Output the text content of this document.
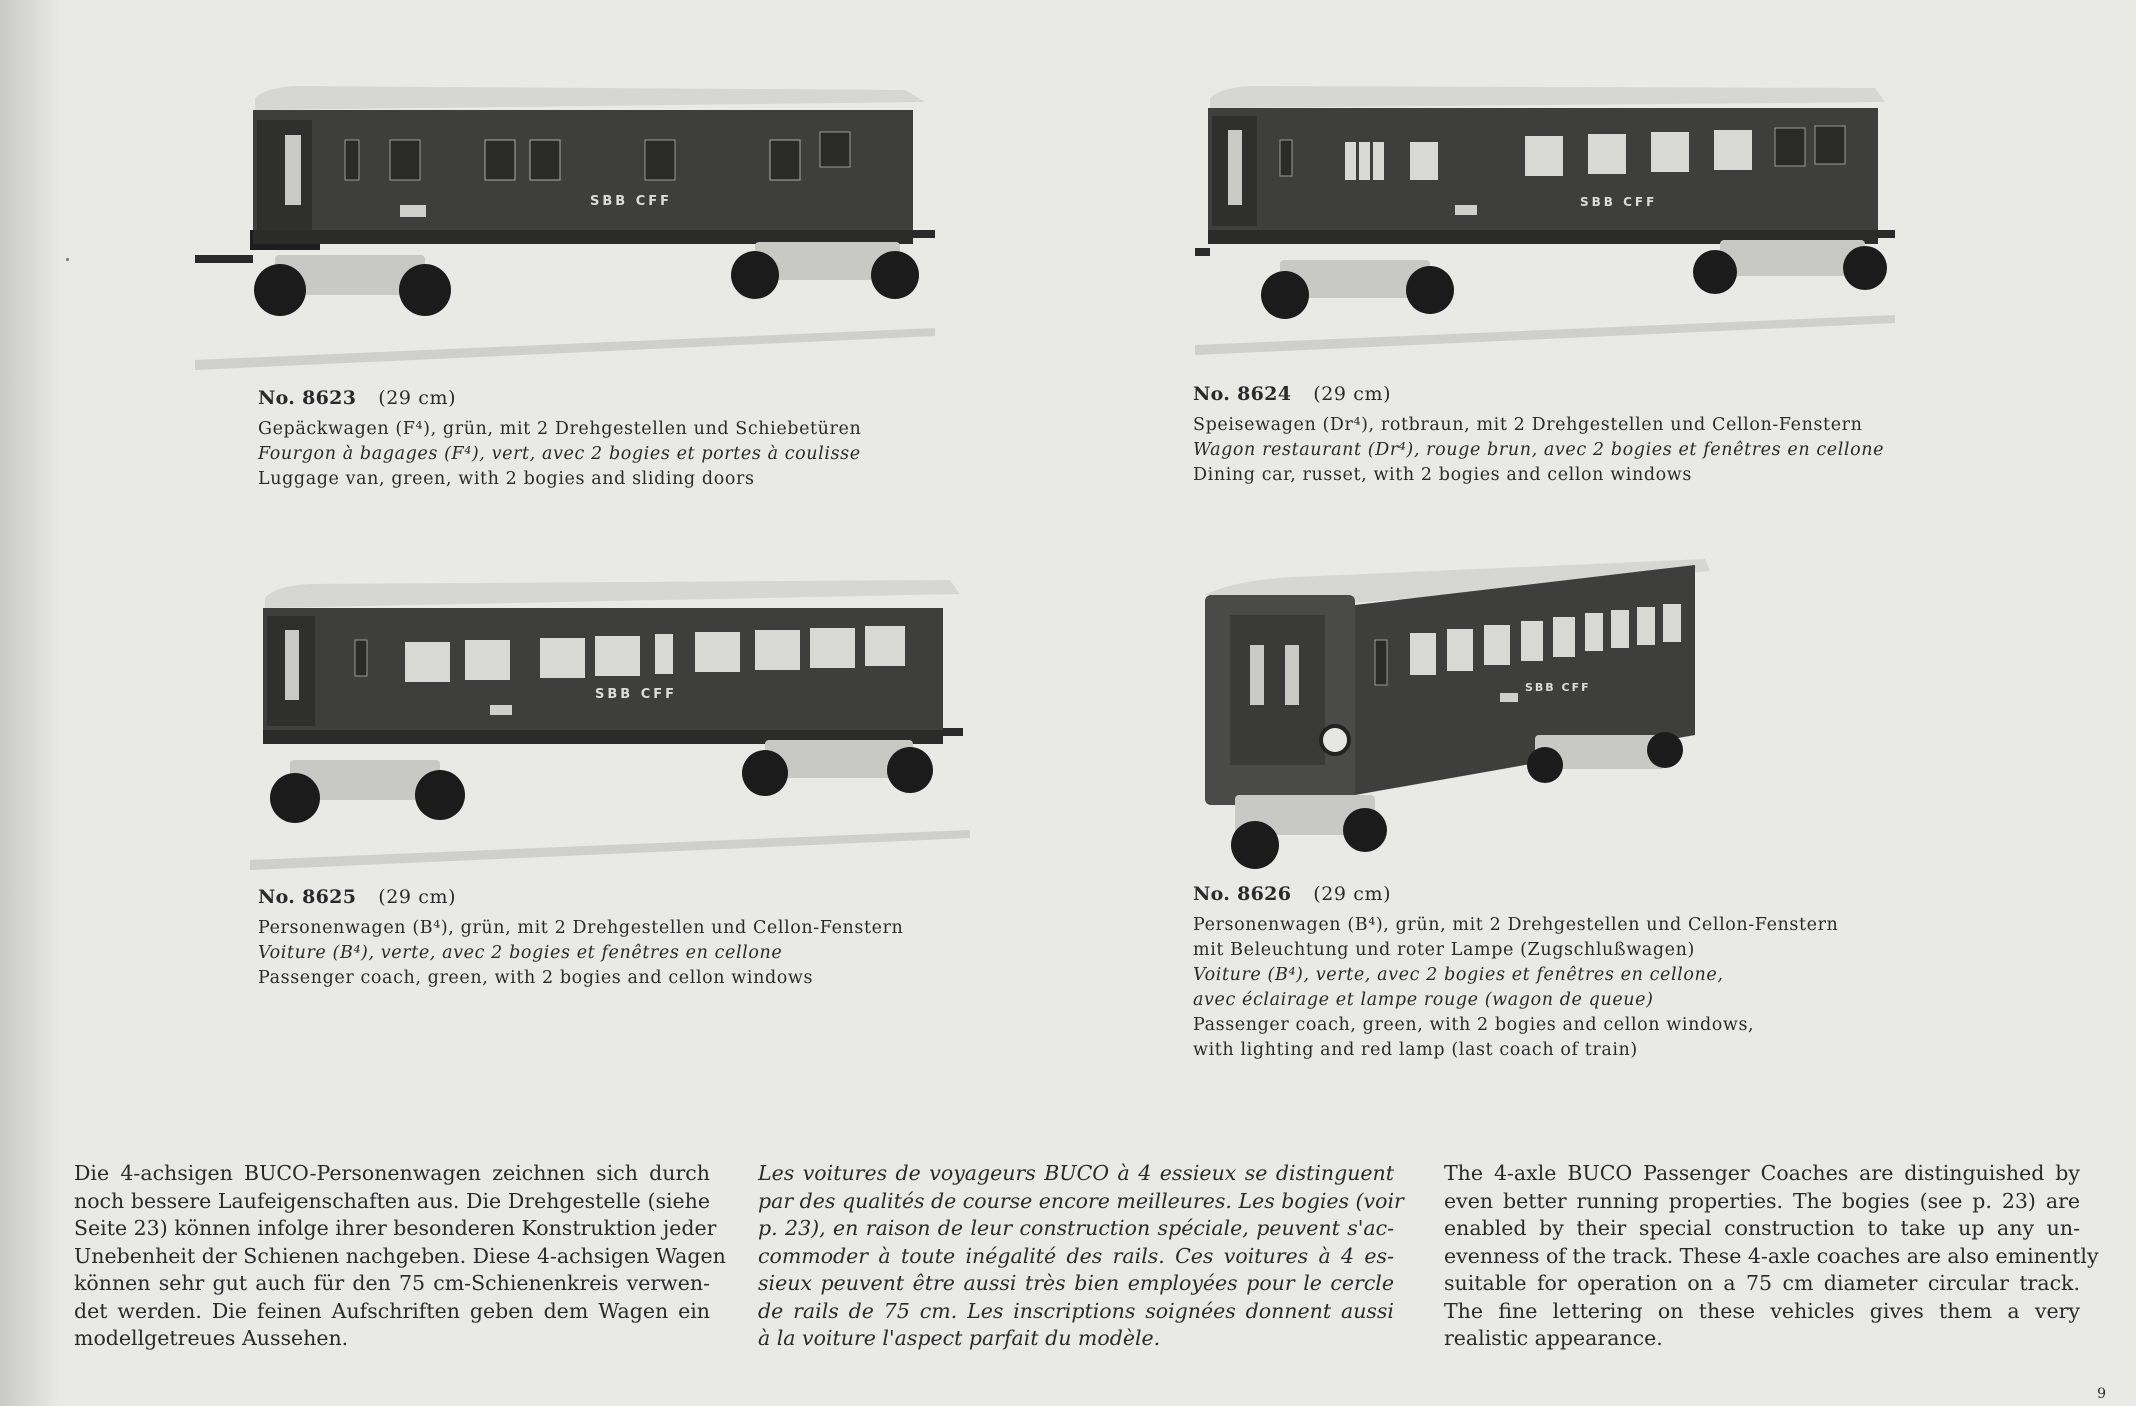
SBB CFF
No. 8623 (29 cm)
Gepäckwagen (F⁴), grün, mit 2 Drehgestellen und Schiebetüren
Fourgon à bagages (F⁴), vert, avec 2 bogies et portes à coulisse
Luggage van, green, with 2 bogies and sliding doors
SBB CFF
No. 8624 (29 cm)
Speisewagen (Dr⁴), rotbraun, mit 2 Drehgestellen und Cellon-Fenstern
Wagon restaurant (Dr⁴), rouge brun, avec 2 bogies et fenêtres en cellone
Dining car, russet, with 2 bogies and cellon windows
SBB CFF
No. 8625 (29 cm)
Personenwagen (B⁴), grün, mit 2 Drehgestellen und Cellon-Fenstern
Voiture (B⁴), verte, avec 2 bogies et fenêtres en cellone
Passenger coach, green, with 2 bogies and cellon windows
SBB CFF
No. 8626 (29 cm)
Personenwagen (B⁴), grün, mit 2 Drehgestellen und Cellon-Fenstern
mit Beleuchtung und roter Lampe (Zugschlußwagen)
Voiture (B⁴), verte, avec 2 bogies et fenêtres en cellone,
avec éclairage et lampe rouge (wagon de queue)
Passenger coach, green, with 2 bogies and cellon windows,
with lighting and red lamp (last coach of train)
Die 4-achsigen BUCO-Personenwagen zeichnen sich durch
noch bessere Laufeigenschaften aus. Die Drehgestelle (siehe
Seite 23) können infolge ihrer besonderen Konstruktion jeder
Unebenheit der Schienen nachgeben. Diese 4-achsigen Wagen
können sehr gut auch für den 75 cm-Schienenkreis verwen-
det werden. Die feinen Aufschriften geben dem Wagen ein
modellgetreues Aussehen.
Les voitures de voyageurs BUCO à 4 essieux se distinguent
par des qualités de course encore meilleures. Les bogies (voir
p. 23), en raison de leur construction spéciale, peuvent s'ac-
commoder à toute inégalité des rails. Ces voitures à 4 es-
sieux peuvent être aussi très bien employées pour le cercle
de rails de 75 cm. Les inscriptions soignées donnent aussi
à la voiture l'aspect parfait du modèle.
The 4-axle BUCO Passenger Coaches are distinguished by
even better running properties. The bogies (see p. 23) are
enabled by their special construction to take up any un-
evenness of the track. These 4-axle coaches are also eminently
suitable for operation on a 75 cm diameter circular track.
The fine lettering on these vehicles gives them a very
realistic appearance.
9
